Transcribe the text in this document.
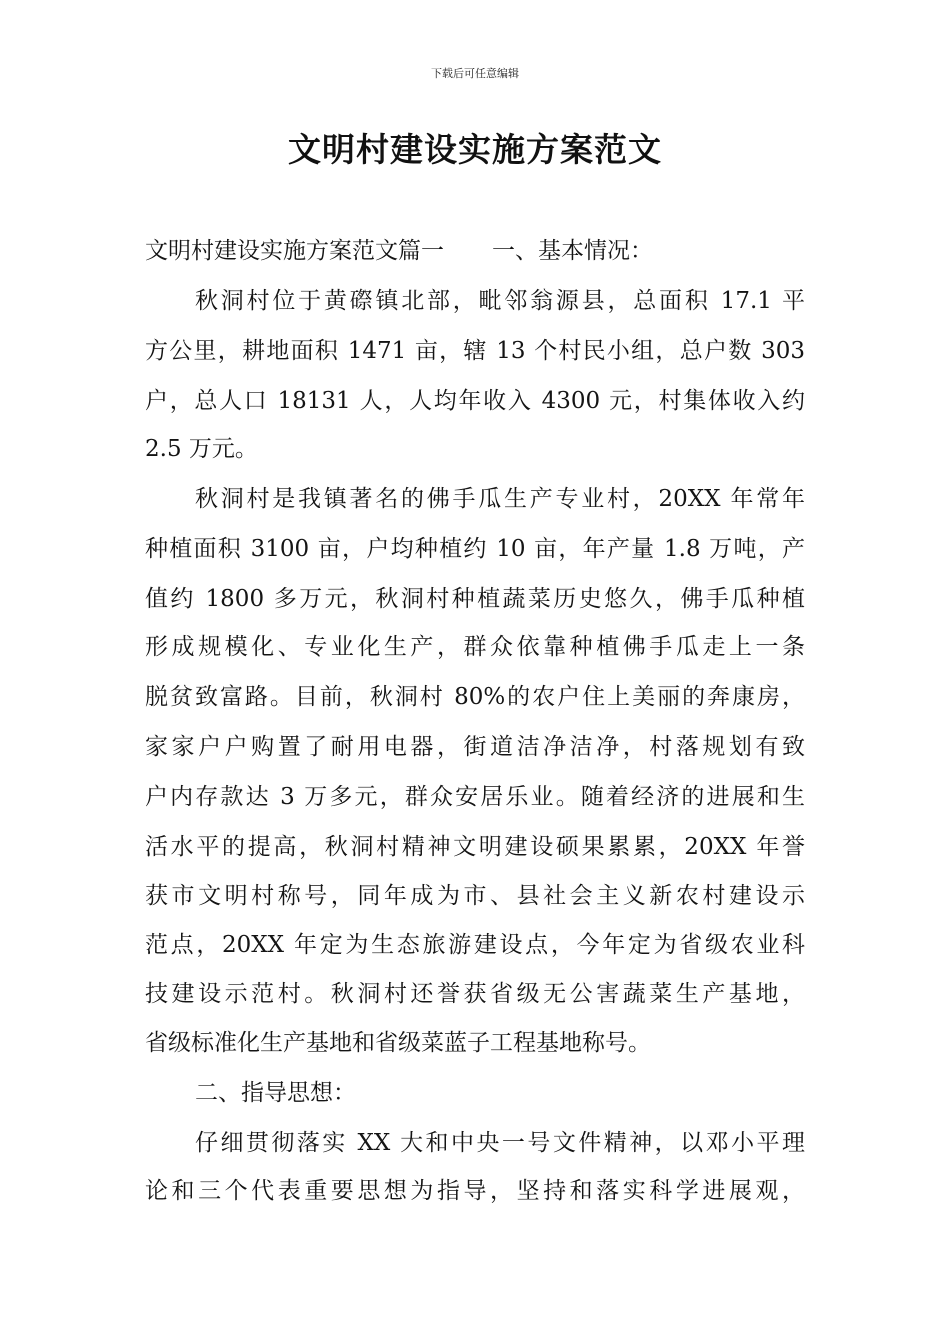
下载后可任意编辑
文明村建设实施方案范文
文明村建设实施方案范文篇一 一、基本情况：
秋洞村位于黄磜镇北部，毗邻翁源县，总面积 17.1 平
方公里，耕地面积 1471 亩，辖 13 个村民小组，总户数 303
户，总人口 18131 人，人均年收入 4300 元，村集体收入约
2.5 万元。
秋洞村是我镇著名的佛手瓜生产专业村，20XX 年常年
种植面积 3100 亩，户均种植约 10 亩，年产量 1.8 万吨，产
值约 1800 多万元，秋洞村种植蔬菜历史悠久，佛手瓜种植
形成规模化、专业化生产，群众依靠种植佛手瓜走上一条
脱贫致富路。目前，秋洞村 80%的农户住上美丽的奔康房，
家家户户购置了耐用电器，街道洁净洁净，村落规划有致
户内存款达 3 万多元，群众安居乐业。随着经济的进展和生
活水平的提高，秋洞村精神文明建设硕果累累，20XX 年誉
获市文明村称号，同年成为市、县社会主义新农村建设示
范点，20XX 年定为生态旅游建设点，今年定为省级农业科
技建设示范村。秋洞村还誉获省级无公害蔬菜生产基地，
省级标准化生产基地和省级菜蓝子工程基地称号。
二、指导思想：
仔细贯彻落实 XX 大和中央一号文件精神，以邓小平理
论和三个代表重要思想为指导，坚持和落实科学进展观，
